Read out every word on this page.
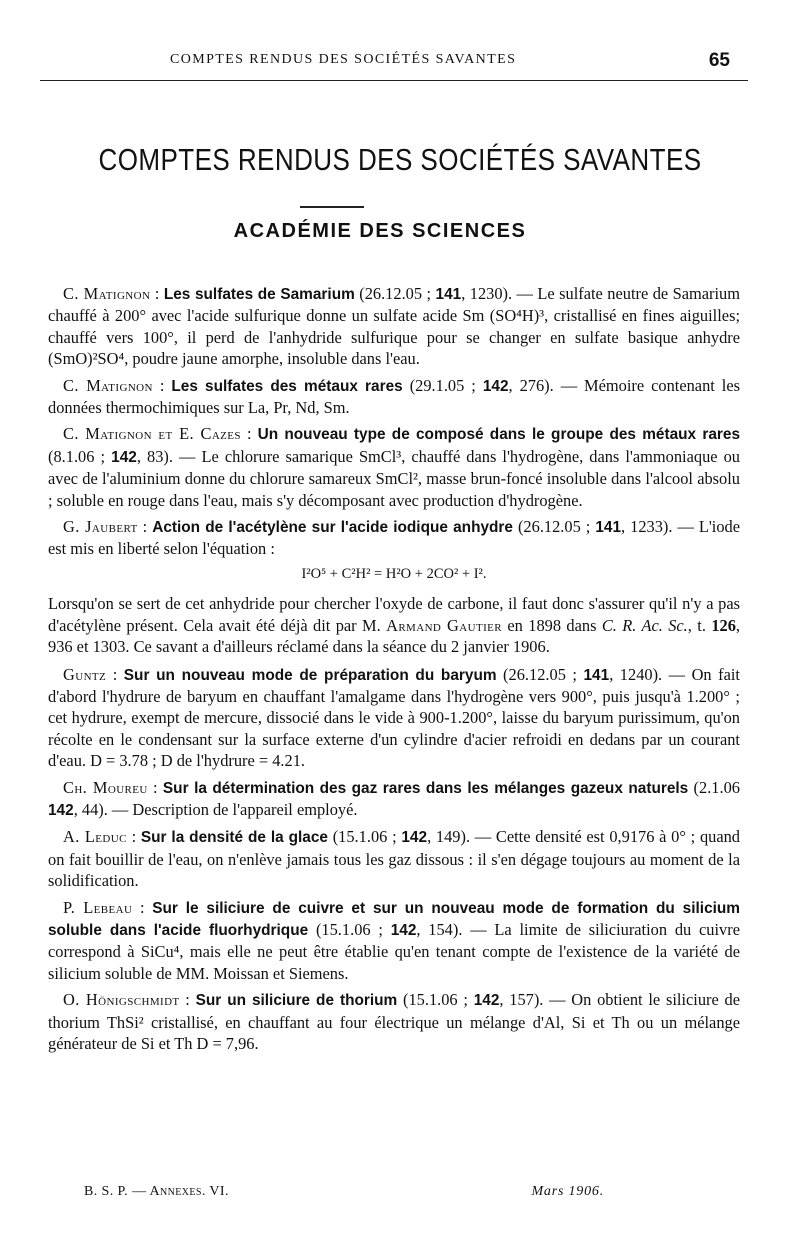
COMPTES RENDUS DES SOCIÉTÉS SAVANTES	65
COMPTES RENDUS DES SOCIÉTÉS SAVANTES
ACADÉMIE DES SCIENCES

C. Matignon : Les sulfates de Samarium (26.12.05 ; 141, 1230). — Le sulfate neutre de Samarium chauffé à 200° avec l'acide sulfurique donne un sulfate acide Sm (SO⁴H)³, cristallisé en fines aiguilles; chauffé vers 100°, il perd de l'anhydride sulfurique pour se changer en sulfate basique anhydre (SmO)²SO⁴, poudre jaune amorphe, insoluble dans l'eau.

C. Matignon : Les sulfates des métaux rares (29.1.05 ; 142, 276). — Mémoire contenant les données thermochimiques sur La, Pr, Nd, Sm.

C. Matignon et E. Cazes : Un nouveau type de composé dans le groupe des métaux rares (8.1.06 ; 142, 83). — Le chlorure samarique SmCl³, chauffé dans l'hydrogène, dans l'ammoniaque ou avec de l'aluminium donne du chlorure samareux SmCl², masse brun-foncé insoluble dans l'alcool absolu ; soluble en rouge dans l'eau, mais s'y décomposant avec production d'hydrogène.

G. Jaubert : Action de l'acétylène sur l'acide iodique anhydre (26.12.05 ; 141, 1233). — L'iode est mis en liberté selon l'équation :

I²O⁵ + C²H² = H²O + 2CO² + I².

Lorsqu'on se sert de cet anhydride pour chercher l'oxyde de carbone, il faut donc s'assurer qu'il n'y a pas d'acétylène présent. Cela avait été déjà dit par M. Armand Gautier en 1898 dans C. R. Ac. Sc., t. 126, 936 et 1303. Ce savant a d'ailleurs réclamé dans la séance du 2 janvier 1906.

Guntz : Sur un nouveau mode de préparation du baryum (26.12.05 ; 141, 1240). — On fait d'abord l'hydrure de baryum en chauffant l'amalgame dans l'hydrogène vers 900°, puis jusqu'à 1.200° ; cet hydrure, exempt de mercure, dissocié dans le vide à 900-1.200°, laisse du baryum purissimum, qu'on récolte en le condensant sur la surface externe d'un cylindre d'acier refroidi en dedans par un courant d'eau. D = 3.78 ; D de l'hydrure = 4.21.

Ch. Moureu : Sur la détermination des gaz rares dans les mélanges gazeux naturels (2.1.06 142, 44). — Description de l'appareil employé.

A. Leduc : Sur la densité de la glace (15.1.06 ; 142, 149). — Cette densité est 0,9176 à 0° ; quand on fait bouillir de l'eau, on n'enlève jamais tous les gaz dissous : il s'en dégage toujours au moment de la solidification.

P. Lebeau : Sur le siliciure de cuivre et sur un nouveau mode de formation du silicium soluble dans l'acide fluorhydrique (15.1.06 ; 142, 154). — La limite de siliciuration du cuivre correspond à SiCu⁴, mais elle ne peut être établie qu'en tenant compte de l'existence de la variété de silicium soluble de MM. Moissan et Siemens.

O. Hönigschmidt : Sur un siliciure de thorium (15.1.06 ; 142, 157). — On obtient le siliciure de thorium ThSi² cristallisé, en chauffant au four électrique un mélange d'Al, Si et Th ou un mélange générateur de Si et Th D = 7,96.

B. S. P. — Annexes. VI.	Mars 1906.
